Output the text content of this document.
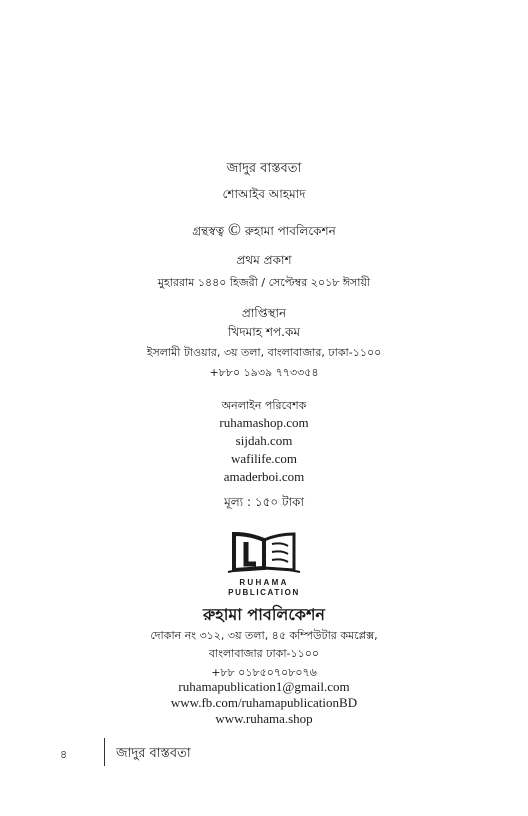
জাদুর বাস্তবতা
শোআইব আহমাদ
গ্রন্থস্বত্ব © রুহামা পাবলিকেশন
প্রথম প্রকাশ
মুহাররাম ১৪৪০ হিজরী / সেপ্টেম্বর ২০১৮ ঈসায়ী
প্রাপ্তিস্থান
খিদমাহ শপ.কম
ইসলামী টাওয়ার, ৩য় তলা, বাংলাবাজার, ঢাকা-১১০০
+৮৮০ ১৯৩৯ ৭৭৩৩৫৪
অনলাইন পরিবেশক
ruhamashop.com
sijdah.com
wafilife.com
amaderboi.com
মূল্য : ১৫০ টাকা
RUHAMA
PUBLICATION
রুহামা পাবলিকেশন
দোকান নং ৩১২, ৩য় তলা, ৪৫ কম্পিউটার কমপ্লেক্স,
বাংলাবাজার ঢাকা-১১০০
+৮৮ ০১৮৫০৭০৮০৭৬
ruhamapublication1@gmail.com
www.fb.com/ruhamapublicationBD
www.ruhama.shop
৪	জাদুর বাস্তবতা
